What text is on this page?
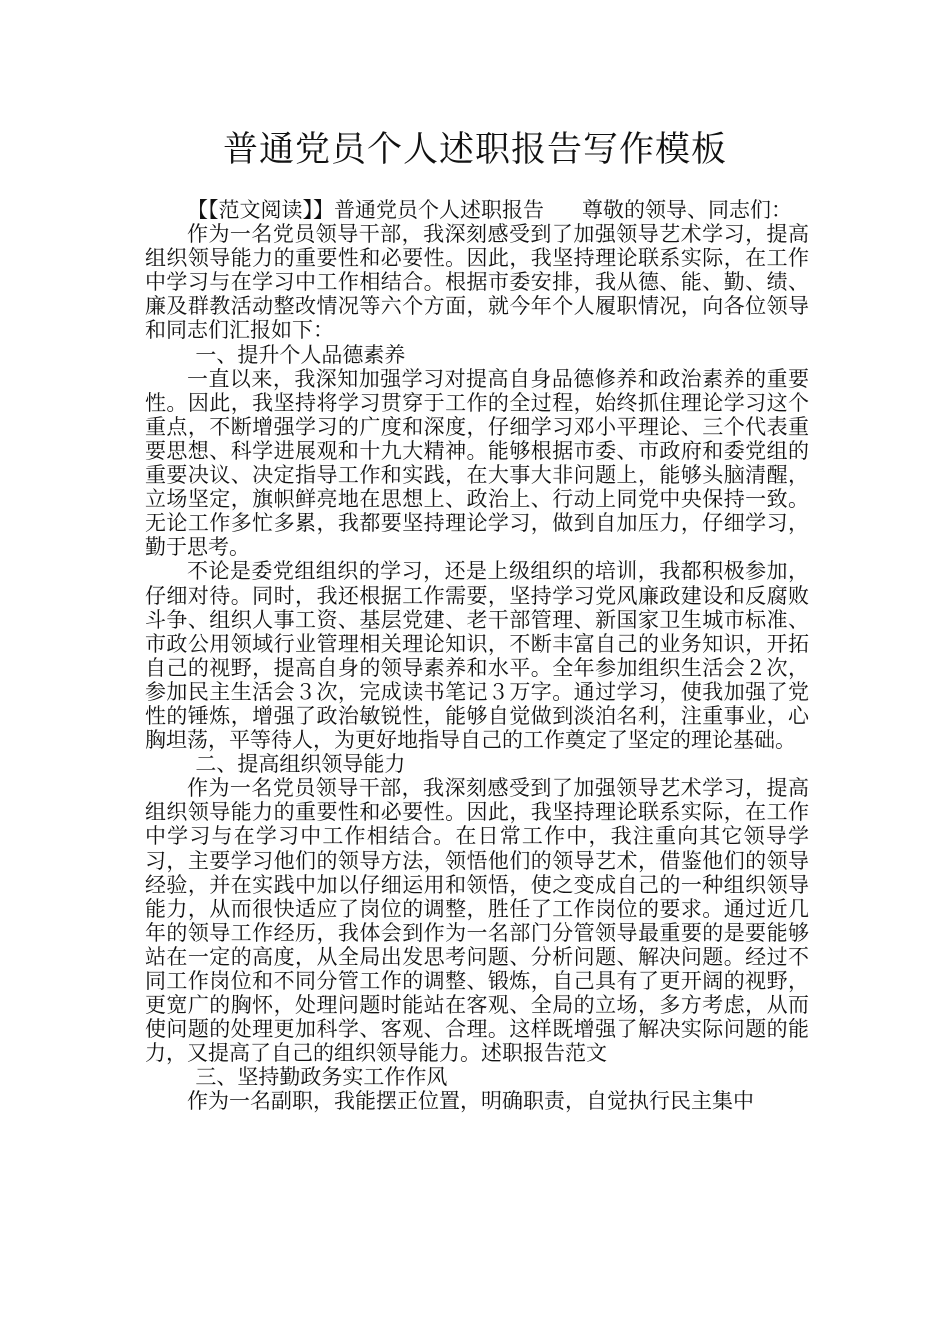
普通党员个人述职报告写作模板

【【范文阅读】】普通党员个人述职报告 尊敬的领导、同志们：

作为一名党员领导干部，我深刻感受到了加强领导艺术学习，提高组织领导能力的重要性和必要性。因此，我坚持理论联系实际，在工作中学习与在学习中工作相结合。根据市委安排，我从德、能、勤、绩、廉及群教活动整改情况等六个方面，就今年个人履职情况，向各位领导和同志们汇报如下：

一、提升个人品德素养

一直以来，我深知加强学习对提高自身品德修养和政治素养的重要性。因此，我坚持将学习贯穿于工作的全过程，始终抓住理论学习这个重点，不断增强学习的广度和深度，仔细学习邓小平理论、三个代表重要思想、科学进展观和十九大精神。能够根据市委、市政府和委党组的重要决议、决定指导工作和实践，在大事大非问题上，能够头脑清醒，立场坚定，旗帜鲜亮地在思想上、政治上、行动上同党中央保持一致。无论工作多忙多累，我都要坚持理论学习，做到自加压力，仔细学习，勤于思考。

不论是委党组组织的学习，还是上级组织的培训，我都积极参加，仔细对待。同时，我还根据工作需要，坚持学习党风廉政建设和反腐败斗争、组织人事工资、基层党建、老干部管理、新国家卫生城市标准、市政公用领域行业管理相关理论知识，不断丰富自己的业务知识，开拓自己的视野，提高自身的领导素养和水平。全年参加组织生活会２次，参加民主生活会３次，完成读书笔记３万字。通过学习，使我加强了党性的锤炼，增强了政治敏锐性，能够自觉做到淡泊名利，注重事业，心胸坦荡，平等待人，为更好地指导自己的工作奠定了坚定的理论基础。

二、提高组织领导能力

作为一名党员领导干部，我深刻感受到了加强领导艺术学习，提高组织领导能力的重要性和必要性。因此，我坚持理论联系实际，在工作中学习与在学习中工作相结合。在日常工作中，我注重向其它领导学习，主要学习他们的领导方法，领悟他们的领导艺术，借鉴他们的领导经验，并在实践中加以仔细运用和领悟，使之变成自己的一种组织领导能力，从而很快适应了岗位的调整，胜任了工作岗位的要求。通过近几年的领导工作经历，我体会到作为一名部门分管领导最重要的是要能够站在一定的高度，从全局出发思考问题、分析问题、解决问题。经过不同工作岗位和不同分管工作的调整、锻炼，自己具有了更开阔的视野，更宽广的胸怀，处理问题时能站在客观、全局的立场，多方考虑，从而使问题的处理更加科学、客观、合理。这样既增强了解决实际问题的能力，又提高了自己的组织领导能力。述职报告范文

三、坚持勤政务实工作作风

作为一名副职，我能摆正位置，明确职责，自觉执行民主集中
